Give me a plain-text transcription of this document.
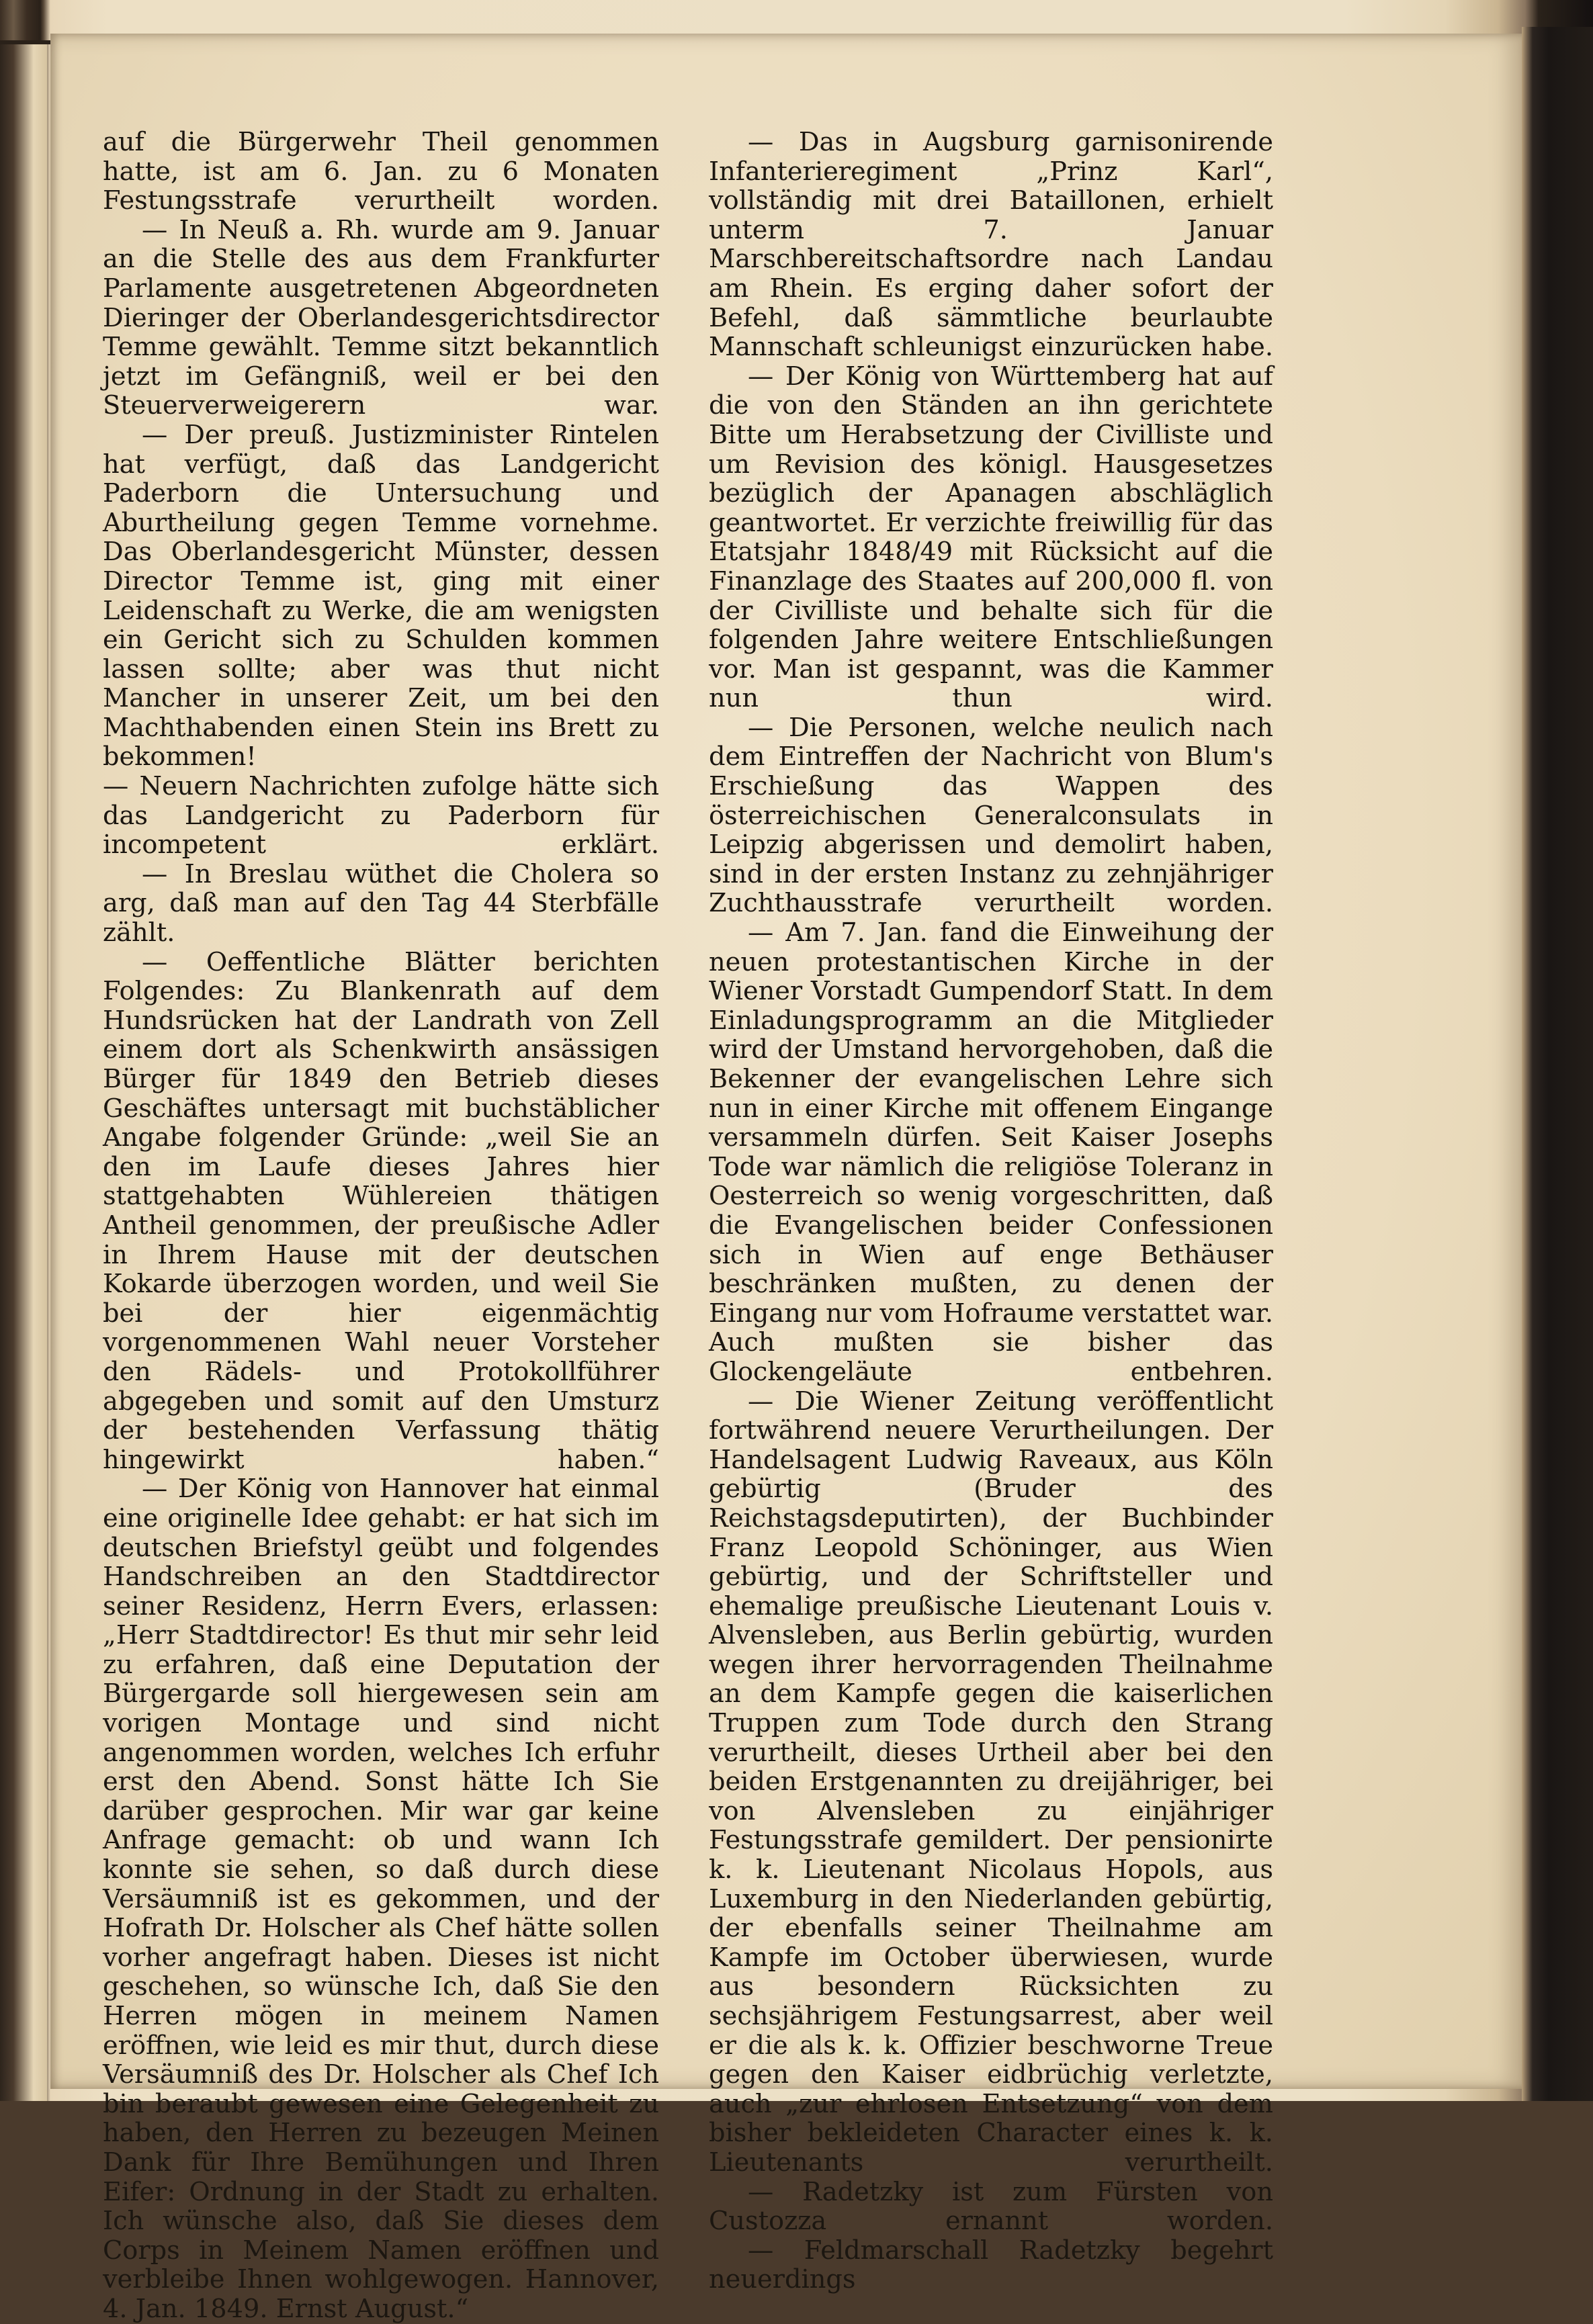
auf die Bürgerwehr Theil genommen hatte, ist am 6. Jan. zu 6 Monaten Festungsstrafe verurtheilt worden.

— In Neuß a. Rh. wurde am 9. Januar an die Stelle des aus dem Frankfurter Parlamente ausgetretenen Abgeordneten Dieringer der Oberlandesgerichtsdirector Temme gewählt. Temme sitzt bekanntlich jetzt im Gefängniß, weil er bei den Steuerverweigerern war.

— Der preuß. Justizminister Rintelen hat verfügt, daß das Landgericht Paderborn die Untersuchung und Aburtheilung gegen Temme vornehme. Das Oberlandesgericht Münster, dessen Director Temme ist, ging mit einer Leidenschaft zu Werke, die am wenigsten ein Gericht sich zu Schulden kommen lassen sollte; aber was thut nicht Mancher in unserer Zeit, um bei den Machthabenden einen Stein ins Brett zu bekommen!

— Neuern Nachrichten zufolge hätte sich das Landgericht zu Paderborn für incompetent erklärt.

— In Breslau wüthet die Cholera so arg, daß man auf den Tag 44 Sterbfälle zählt.

— Oeffentliche Blätter berichten Folgendes: Zu Blankenrath auf dem Hundsrücken hat der Landrath von Zell einem dort als Schenkwirth ansässigen Bürger für 1849 den Betrieb dieses Geschäftes untersagt mit buchstäblicher Angabe folgender Gründe: „weil Sie an den im Laufe dieses Jahres hier stattgehabten Wühlereien thätigen Antheil genommen, der preußische Adler in Ihrem Hause mit der deutschen Kokarde überzogen worden, und weil Sie bei der hier eigenmächtig vorgenommenen Wahl neuer Vorsteher den Rädels- und Protokollführer abgegeben und somit auf den Umsturz der bestehenden Verfassung thätig hingewirkt haben.“

— Der König von Hannover hat einmal eine originelle Idee gehabt: er hat sich im deutschen Briefstyl geübt und folgendes Handschreiben an den Stadtdirector seiner Residenz, Herrn Evers, erlassen: „Herr Stadtdirector! Es thut mir sehr leid zu erfahren, daß eine Deputation der Bürgergarde soll hiergewesen sein am vorigen Montage und sind nicht angenommen worden, welches Ich erfuhr erst den Abend. Sonst hätte Ich Sie darüber gesprochen. Mir war gar keine Anfrage gemacht: ob und wann Ich konnte sie sehen, so daß durch diese Versäumniß ist es gekommen, und der Hofrath Dr. Holscher als Chef hätte sollen vorher angefragt haben. Dieses ist nicht geschehen, so wünsche Ich, daß Sie den Herren mögen in meinem Namen eröffnen, wie leid es mir thut, durch diese Versäumniß des Dr. Holscher als Chef Ich bin beraubt gewesen eine Gelegenheit zu haben, den Herren zu bezeugen Meinen Dank für Ihre Bemühungen und Ihren Eifer: Ordnung in der Stadt zu erhalten. Ich wünsche also, daß Sie dieses dem Corps in Meinem Namen eröffnen und verbleibe Ihnen wohlgewogen. Hannover, 4. Jan. 1849. Ernst August.“

— Das in Augsburg garnisonirende Infanterieregiment „Prinz Karl“, vollständig mit drei Bataillonen, erhielt unterm 7. Januar Marschbereitschaftsordre nach Landau am Rhein. Es erging daher sofort der Befehl, daß sämmtliche beurlaubte Mannschaft schleunigst einzurücken habe.

— Der König von Württemberg hat auf die von den Ständen an ihn gerichtete Bitte um Herabsetzung der Civilliste und um Revision des königl. Hausgesetzes bezüglich der Apanagen abschläglich geantwortet. Er verzichte freiwillig für das Etatsjahr 1848/49 mit Rücksicht auf die Finanzlage des Staates auf 200,000 fl. von der Civilliste und behalte sich für die folgenden Jahre weitere Entschließungen vor. Man ist gespannt, was die Kammer nun thun wird.

— Die Personen, welche neulich nach dem Eintreffen der Nachricht von Blum's Erschießung das Wappen des österreichischen Generalconsulats in Leipzig abgerissen und demolirt haben, sind in der ersten Instanz zu zehnjähriger Zuchthausstrafe verurtheilt worden.

— Am 7. Jan. fand die Einweihung der neuen protestantischen Kirche in der Wiener Vorstadt Gumpendorf Statt. In dem Einladungsprogramm an die Mitglieder wird der Umstand hervorgehoben, daß die Bekenner der evangelischen Lehre sich nun in einer Kirche mit offenem Eingange versammeln dürfen. Seit Kaiser Josephs Tode war nämlich die religiöse Toleranz in Oesterreich so wenig vorgeschritten, daß die Evangelischen beider Confessionen sich in Wien auf enge Bethäuser beschränken mußten, zu denen der Eingang nur vom Hofraume verstattet war. Auch mußten sie bisher das Glockengeläute entbehren.

— Die Wiener Zeitung veröffentlicht fortwährend neuere Verurtheilungen. Der Handelsagent Ludwig Raveaux, aus Köln gebürtig (Bruder des Reichstagsdeputirten), der Buchbinder Franz Leopold Schöninger, aus Wien gebürtig, und der Schriftsteller und ehemalige preußische Lieutenant Louis v. Alvensleben, aus Berlin gebürtig, wurden wegen ihrer hervorragenden Theilnahme an dem Kampfe gegen die kaiserlichen Truppen zum Tode durch den Strang verurtheilt, dieses Urtheil aber bei den beiden Erstgenannten zu dreijähriger, bei von Alvensleben zu einjähriger Festungsstrafe gemildert. Der pensionirte k. k. Lieutenant Nicolaus Hopols, aus Luxemburg in den Niederlanden gebürtig, der ebenfalls seiner Theilnahme am Kampfe im October überwiesen, wurde aus besondern Rücksichten zu sechsjährigem Festungsarrest, aber weil er die als k. k. Offizier beschworne Treue gegen den Kaiser eidbrüchig verletzte, auch „zur ehrlosen Entsetzung“ von dem bisher bekleideten Character eines k. k. Lieutenants verurtheilt.

— Radetzky ist zum Fürsten von Custozza ernannt worden.

— Feldmarschall Radetzky begehrt neuerdings
